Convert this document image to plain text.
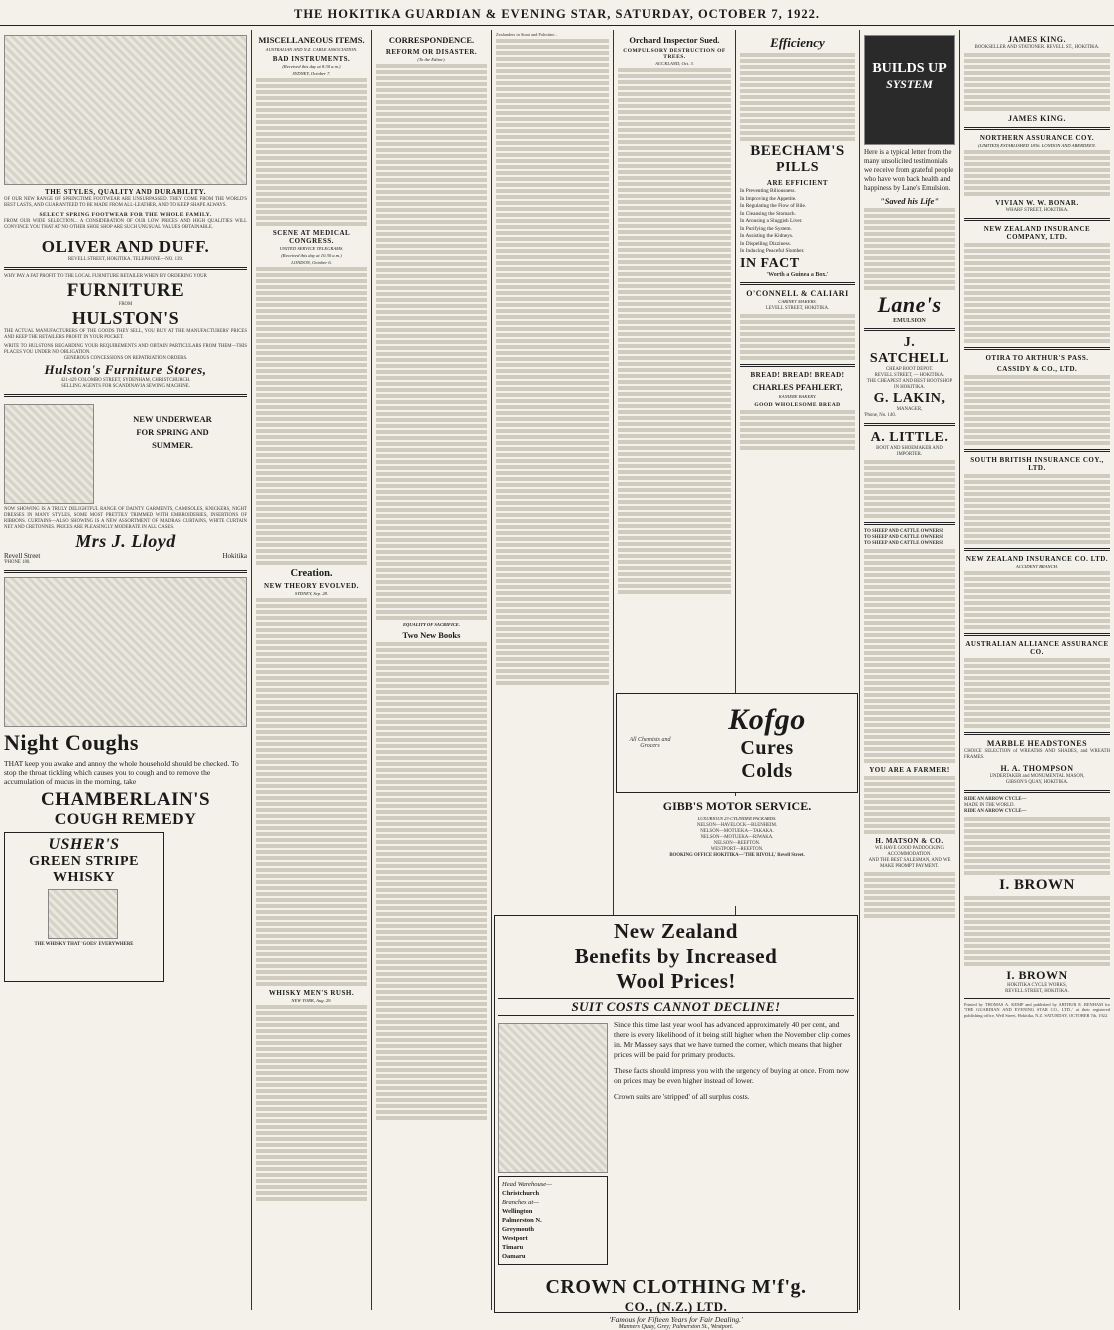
THE HOKITIKA GUARDIAN & EVENING STAR, SATURDAY, OCTOBER 7, 1922.
THE STYLES, QUALITY AND DURABILITY.
OF OUR NEW RANGE OF SPRINGTIME FOOTWEAR ARE UNSURPASSED. THEY COME FROM THE WORLD'S BEST LASTS, AND GUARANTEED TO BE MADE FROM ALL-LEATHER, AND TO KEEP SHAPE ALWAYS.
SELECT SPRING FOOTWEAR FOR THE WHOLE FAMILY.
FROM OUR WIDE SELECTION... A CONSIDERATION OF OUR LOW PRICES AND HIGH QUALITIES WILL CONVINCE YOU THAT AT NO OTHER SHOE SHOP ARE SUCH UNUSUAL VALUES OBTAINABLE.
OLIVER AND DUFF.
REVELL STREET, HOKITIKA. TELEPHONE—NO. 139.
WHY PAY A FAT PROFIT TO THE LOCAL FURNITURE RETAILER WHEN BY ORDERING YOUR
FURNITURE
FROM
HULSTON'S
THE ACTUAL MANUFACTURERS OF THE GOODS THEY SELL, YOU BUY AT THE MANUFACTURERS' PRICES AND KEEP THE RETAILERS PROFIT IN YOUR POCKET.
WRITE TO HULSTONS REGARDING YOUR REQUIREMENTS AND OBTAIN PARTICULARS FROM THEM—THIS PLACES YOU UNDER NO OBLIGATION.
GENEROUS CONCESSIONS ON REPATRIATION ORDERS.
Hulston's Furniture Stores,
421-429 COLOMBO STREET, SYDENHAM, CHRISTCHURCH.
SELLING AGENTS FOR SCANDINAVIA SEWING MACHINE.
NEW UNDERWEAR
FOR SPRING AND
SUMMER.
NOW SHOWING IS A TRULY DELIGHTFUL RANGE OF DAINTY GARMENTS, CAMISOLES, KNICKERS, NIGHT DRESSES IN MANY STYLES, SOME MOST PRETTILY TRIMMED WITH EMBROIDERIES, INSERTIONS OF RIBBONS. CURTAINS—ALSO SHOWING IS A NEW ASSORTMENT OF MADRAS CURTAINS, WHITE CURTAIN NET AND CRETONNES. PRICES ARE PLEASINGLY MODERATE IN ALL CASES.
Mrs J. Lloyd
Revell Street	Hokitika
'PHONE 180.
Night Coughs
THAT keep you awake and annoy the whole household should be checked. To stop the throat tickling which causes you to cough and to remove the accumulation of mucus in the morning, take
CHAMBERLAIN'S
COUGH REMEDY
USHER'S
GREEN STRIPE
WHISKY
THE WHISKY THAT 'GOES' EVERYWHERE
MISCELLANEOUS ITEMS.
AUSTRALIAN AND N.Z. CABLE ASSOCIATION.
BAD INSTRUMENTS.
(Received this day at 8.30 a.m.)
SYDNEY, October 7.

SCENE AT MEDICAL CONGRESS.
UNITED SERVICE TELEGRAMS.
(Received this day at 10.30 a.m.)
LONDON, October 6.

Creation.
NEW THEORY EVOLVED.
SYDNEY, Sep. 28.

WHISKY MEN'S RUSH.
NEW YORK, Aug. 29.

CORRESPONDENCE.
REFORM OR DISASTER.
(To the Editor).

EQUALITY OF SACRIFICE.
Two New Books

Zealanders in Sinai and Palestine...

Orchard Inspector Sued.
COMPULSORY DESTRUCTION OF TREES.
AUCKLAND, Oct. 3.

Efficiency

BEECHAM'S
PILLS
ARE EFFICIENT
In Preventing Biliousness.
In Improving the Appetite.
In Regulating the Flow of Bile.
In Cleansing the Stomach.
In Arousing a Sluggish Liver.
In Purifying the System.
In Assisting the Kidneys.
In Dispelling Dizziness.
In Inducing Peaceful Slumber.
IN FACT
'Worth a Guinea a Box.'
O'CONNELL & CALIARI
CABINET MAKERS.
LEVELL STREET, HOKITIKA.

BREAD! BREAD! BREAD!
CHARLES PFAHLERT,
KANIERE BAKERY.
GOOD WHOLESOME BREAD

All Chemists and Grocers
Kofgo
Cures
Colds
GIBB'S MOTOR SERVICE.
LUXURIOUS 23-CYLINDER PACKARDS.
NELSON—HAVELOCK—BLENHEIM.
NELSON—MOTUEKA—TAKAKA.
NELSON—MOTUEKA—RIWAKA.
NELSON—REEFTON.
WESTPORT—REEFTON.
BOOKING OFFICE HOKITIKA—'THE RIVOLI,' Revell Street.
New Zealand
Benefits by Increased
Wool Prices!
SUIT COSTS CANNOT DECLINE!
Head Warehouse—
Christchurch
Branches at—
Wellington
Palmerston N.
Greymouth
Westport
Timaru
Oamaru
Since this time last year wool has advanced approximately 40 per cent, and there is every likelihood of it being still higher when the November clip comes in. Mr Massey says that we have turned the corner, which means that higher prices will be paid for primary products.
These facts should impress you with the urgency of buying at once. From now on prices may be even higher instead of lower.
Crown suits are 'stripped' of all surplus costs.
CROWN CLOTHING M'f'g.
CO., (N.Z.) LTD.
'Famous for Fifteen Years for Fair Dealing.'
Manners Quay, Grey; Palmerston St., Westport.
BUILDS UP
SYSTEM
Here is a typical letter from the many unsolicited testimonials we receive from grateful people who have won back health and happiness by Lane's Emulsion.
"Saved his Life"

Lane's
EMULSION
J. SATCHELL
CHEAP BOOT DEPOT.
REVELL STREET, — HOKITIKA.
THE CHEAPEST AND BEST BOOTSHOP IN HOKITIKA.
G. LAKIN,
MANAGER,
'Phone, No. 140.
A. LITTLE.
BOOT AND SHOEMAKER AND IMPORTER.

TO SHEEP AND CATTLE OWNERS!
TO SHEEP AND CATTLE OWNERS!
TO SHEEP AND CATTLE OWNERS!

YOU ARE A FARMER!

H. MATSON & CO.
WE HAVE GOOD PADDOCKING ACCOMMODATION.
AND THE BEST SALESMAN, AND WE MAKE PROMPT PAYMENT.

JAMES KING.
BOOKSELLER AND STATIONER. REVELL ST., HOKITIKA.

JAMES KING.
NORTHERN ASSURANCE COY.
(LIMITED) ESTABLISHED 1836. LONDON AND ABERDEEN.

VIVIAN W. W. BONAR.
WHARF STREET, HOKITIKA.
NEW ZEALAND INSURANCE COMPANY, LTD.

OTIRA TO ARTHUR'S PASS.
CASSIDY & CO., LTD.

SOUTH BRITISH INSURANCE COY., LTD.

NEW ZEALAND INSURANCE CO. LTD.
ACCIDENT BRANCH.

AUSTRALIAN ALLIANCE ASSURANCE CO.

MARBLE HEADSTONES
CHOICE SELECTION of WREATHS AND SHADES, and WREATH FRAMES.
H. A. THOMPSON
UNDERTAKER and MONUMENTAL MASON,
GIBSON'S QUAY, HOKITIKA.
RIDE AN ARROW CYCLE—
MADE IN THE WORLD.
RIDE AN ARROW CYCLE—

I. BROWN

I. BROWN
HOKITIKA CYCLE WORKS,
REVELL STREET, HOKITIKA.
Printed by THOMAS A. KEMP and published by ARTHUR E. BENHAM for 'THE GUARDIAN AND EVENING STAR CO., LTD.,' at their registered publishing office, Well Street, Hokitika, N.Z. SATURDAY, OCTOBER 7th, 1922.
